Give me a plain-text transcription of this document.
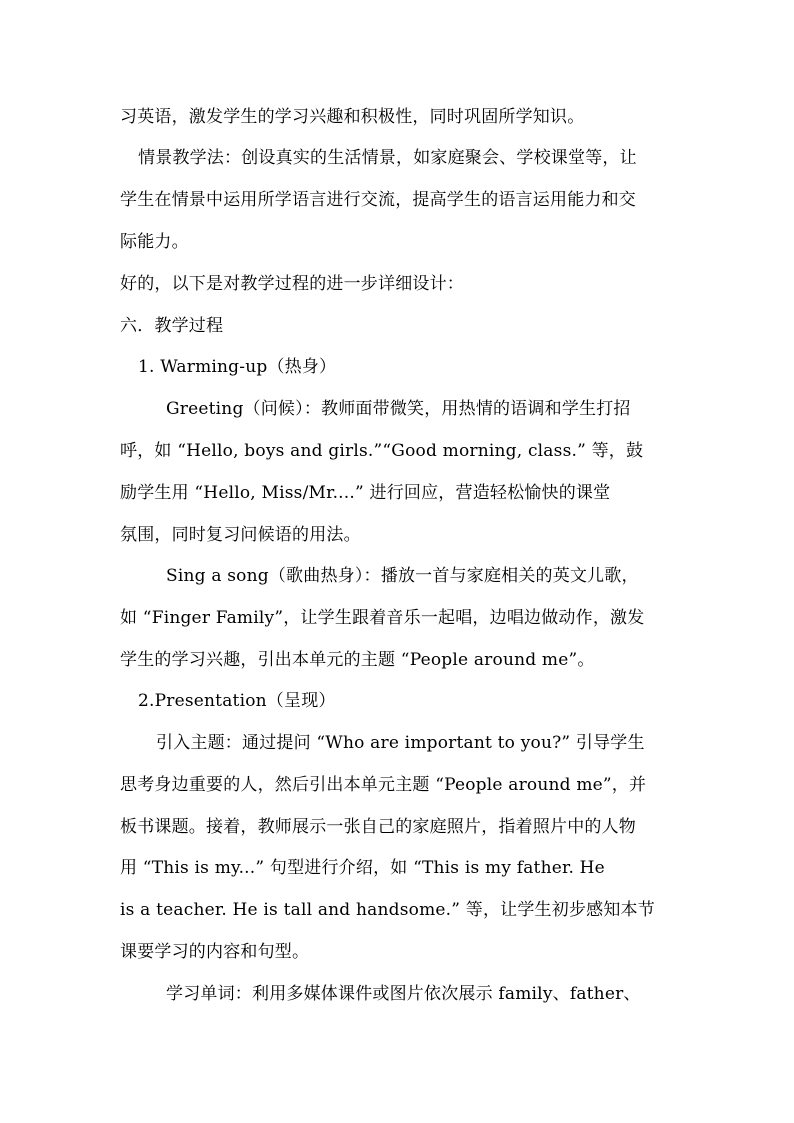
习英语，激发学生的学习兴趣和积极性，同时巩固所学知识。
情景教学法：创设真实的生活情景，如家庭聚会、学校课堂等，让
学生在情景中运用所学语言进行交流，提高学生的语言运用能力和交
际能力。
好的，以下是对教学过程的进一步详细设计：
六．教学过程
1. Warming-up（热身）
Greeting（问候）：教师面带微笑，用热情的语调和学生打招
呼，如 “Hello, boys and girls.”“Good morning, class.” 等，鼓
励学生用 “Hello, Miss/Mr....” 进行回应，营造轻松愉快的课堂
氛围，同时复习问候语的用法。
Sing a song（歌曲热身）：播放一首与家庭相关的英文儿歌，
如 “Finger Family”，让学生跟着音乐一起唱，边唱边做动作，激发
学生的学习兴趣，引出本单元的主题 “People around me”。
2.Presentation（呈现）
引入主题：通过提问 “Who are important to you?” 引导学生
思考身边重要的人，然后引出本单元主题 “People around me”，并
板书课题。接着，教师展示一张自己的家庭照片，指着照片中的人物
用 “This is my...” 句型进行介绍，如 “This is my father. He
is a teacher. He is tall and handsome.” 等，让学生初步感知本节
课要学习的内容和句型。
学习单词：利用多媒体课件或图片依次展示 family、father、
